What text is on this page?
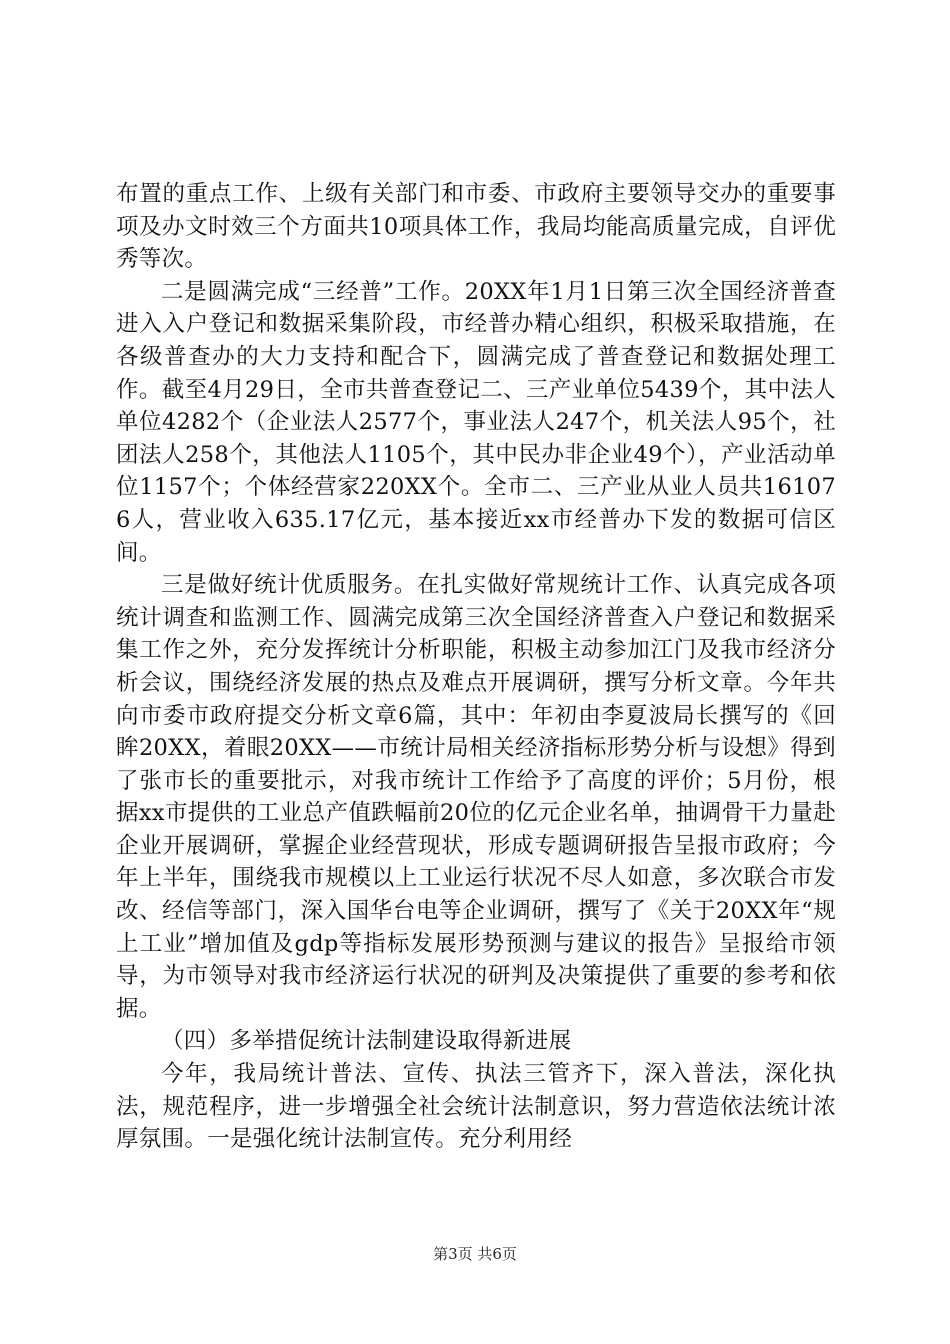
布置的重点工作、上级有关部门和市委、市政府主要领导交办的重要事项及办文时效三个方面共10项具体工作，我局均能高质量完成，自评优秀等次。

二是圆满完成“三经普”工作。20XX年1月1日第三次全国经济普查进入入户登记和数据采集阶段，市经普办精心组织，积极采取措施，在各级普查办的大力支持和配合下，圆满完成了普查登记和数据处理工作。截至4月29日，全市共普查登记二、三产业单位5439个，其中法人单位4282个（企业法人2577个，事业法人247个，机关法人95个，社团法人258个，其他法人1105个，其中民办非企业49个），产业活动单位1157个；个体经营家220XX个。全市二、三产业从业人员共161076人，营业收入635.17亿元，基本接近xx市经普办下发的数据可信区间。

三是做好统计优质服务。在扎实做好常规统计工作、认真完成各项统计调查和监测工作、圆满完成第三次全国经济普查入户登记和数据采集工作之外，充分发挥统计分析职能，积极主动参加江门及我市经济分析会议，围绕经济发展的热点及难点开展调研，撰写分析文章。今年共向市委市政府提交分析文章6篇，其中：年初由李夏波局长撰写的《回眸20XX，着眼20XX——市统计局相关经济指标形势分析与设想》得到了张市长的重要批示，对我市统计工作给予了高度的评价；5月份，根据xx市提供的工业总产值跌幅前20位的亿元企业名单，抽调骨干力量赴企业开展调研，掌握企业经营现状，形成专题调研报告呈报市政府；今年上半年，围绕我市规模以上工业运行状况不尽人如意，多次联合市发改、经信等部门，深入国华台电等企业调研，撰写了《关于20XX年“规上工业”增加值及gdp等指标发展形势预测与建议的报告》呈报给市领导，为市领导对我市经济运行状况的研判及决策提供了重要的参考和依据。

（四）多举措促统计法制建设取得新进展

今年，我局统计普法、宣传、执法三管齐下，深入普法，深化执法，规范程序，进一步增强全社会统计法制意识，努力营造依法统计浓厚氛围。一是强化统计法制宣传。充分利用经

第3页 共6页
